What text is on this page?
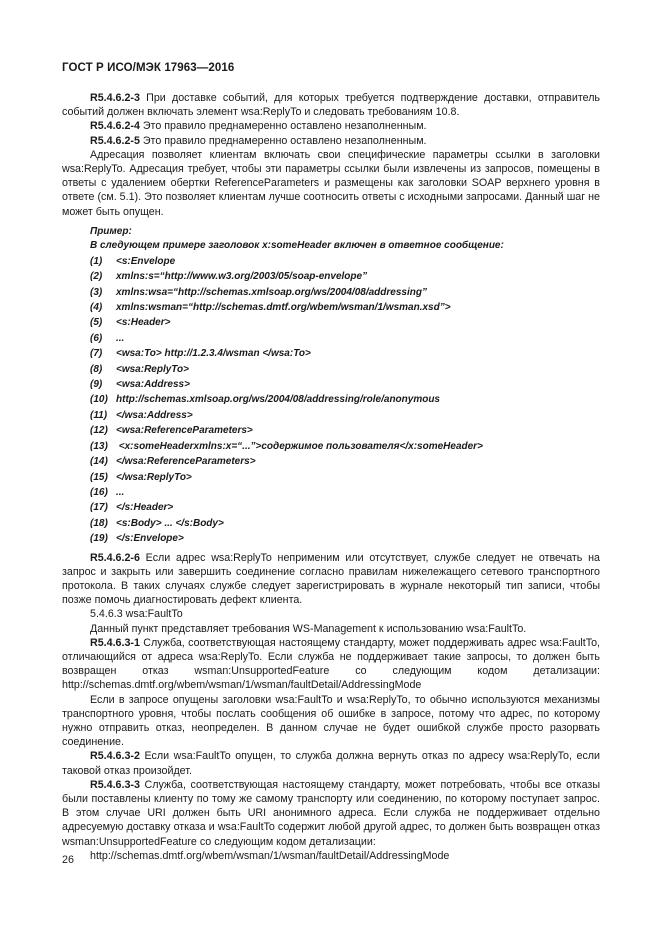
ГОСТ Р ИСО/МЭК 17963—2016

R5.4.6.2-3 При доставке событий, для которых требуется подтверждение доставки, отправитель событий должен включать элемент wsa:ReplyTo и следовать требованиям 10.8.

R5.4.6.2-4 Это правило преднамеренно оставлено незаполненным.

R5.4.6.2-5 Это правило преднамеренно оставлено незаполненным.

Адресация позволяет клиентам включать свои специфические параметры ссылки в заголовки wsa:ReplyTo. Адресация требует, чтобы эти параметры ссылки были извлечены из запросов, помещены в ответы с удалением обертки ReferenceParameters и размещены как заголовки SOAP верхнего уровня в ответе (см. 5.1). Это позволяет клиентам лучше соотносить ответы с исходными запросами. Данный шаг не может быть опущен.

Пример:
В следующем примере заголовок x:someHeader включен в ответное сообщение:
(1) <s:Envelope
(2) xmlns:s=“http://www.w3.org/2003/05/soap-envelope”
(3) xmlns:wsa=“http://schemas.xmlsoap.org/ws/2004/08/addressing”
(4) xmlns:wsman=“http://schemas.dmtf.org/wbem/wsman/1/wsman.xsd”>
(5) <s:Header>
(6) ...
(7) <wsa:To> http://1.2.3.4/wsman </wsa:To>
(8) <wsa:ReplyTo>
(9) <wsa:Address>
(10) http://schemas.xmlsoap.org/ws/2004/08/addressing/role/anonymous
(11) </wsa:Address>
(12) <wsa:ReferenceParameters>
(13) <x:someHeaderxmlns:x=“...”>содержимое пользователя</x:someHeader>
(14) </wsa:ReferenceParameters>
(15) </wsa:ReplyTo>
(16) ...
(17) </s:Header>
(18) <s:Body> ... </s:Body>
(19) </s:Envelope>

R5.4.6.2-6 Если адрес wsa:ReplyTo неприменим или отсутствует, службе следует не отвечать на запрос и закрыть или завершить соединение согласно правилам нижележащего сетевого транспортного протокола. В таких случаях службе следует зарегистрировать в журнале некоторый тип записи, чтобы позже помочь диагностировать дефект клиента.

5.4.6.3 wsa:FaultTo

Данный пункт представляет требования WS-Management к использованию wsa:FaultTo.

R5.4.6.3-1 Служба, соответствующая настоящему стандарту, может поддерживать адрес wsa:FaultTo, отличающийся от адреса wsa:ReplyTo. Если служба не поддерживает такие запросы, то должен быть возвращен отказ wsman:UnsupportedFeature со следующим кодом детализации: http://schemas.dmtf.org/wbem/wsman/1/wsman/faultDetail/AddressingMode

Если в запросе опущены заголовки wsa:FaultTo и wsa:ReplyTo, то обычно используются механизмы транспортного уровня, чтобы послать сообщения об ошибке в запросе, потому что адрес, по которому нужно отправить отказ, неопределен. В данном случае не будет ошибкой службе просто разорвать соединение.

R5.4.6.3-2 Если wsa:FaultTo опущен, то служба должна вернуть отказ по адресу wsa:ReplyTo, если таковой отказ произойдет.

R5.4.6.3-3 Служба, соответствующая настоящему стандарту, может потребовать, чтобы все отказы были поставлены клиенту по тому же самому транспорту или соединению, по которому поступает запрос. В этом случае URI должен быть URI анонимного адреса. Если служба не поддерживает отдельно адресуемую доставку отказа и wsa:FaultTo содержит любой другой адрес, то должен быть возвращен отказ wsman:UnsupportedFeature со следующим кодом детализации:

http://schemas.dmtf.org/wbem/wsman/1/wsman/faultDetail/AddressingMode

26
